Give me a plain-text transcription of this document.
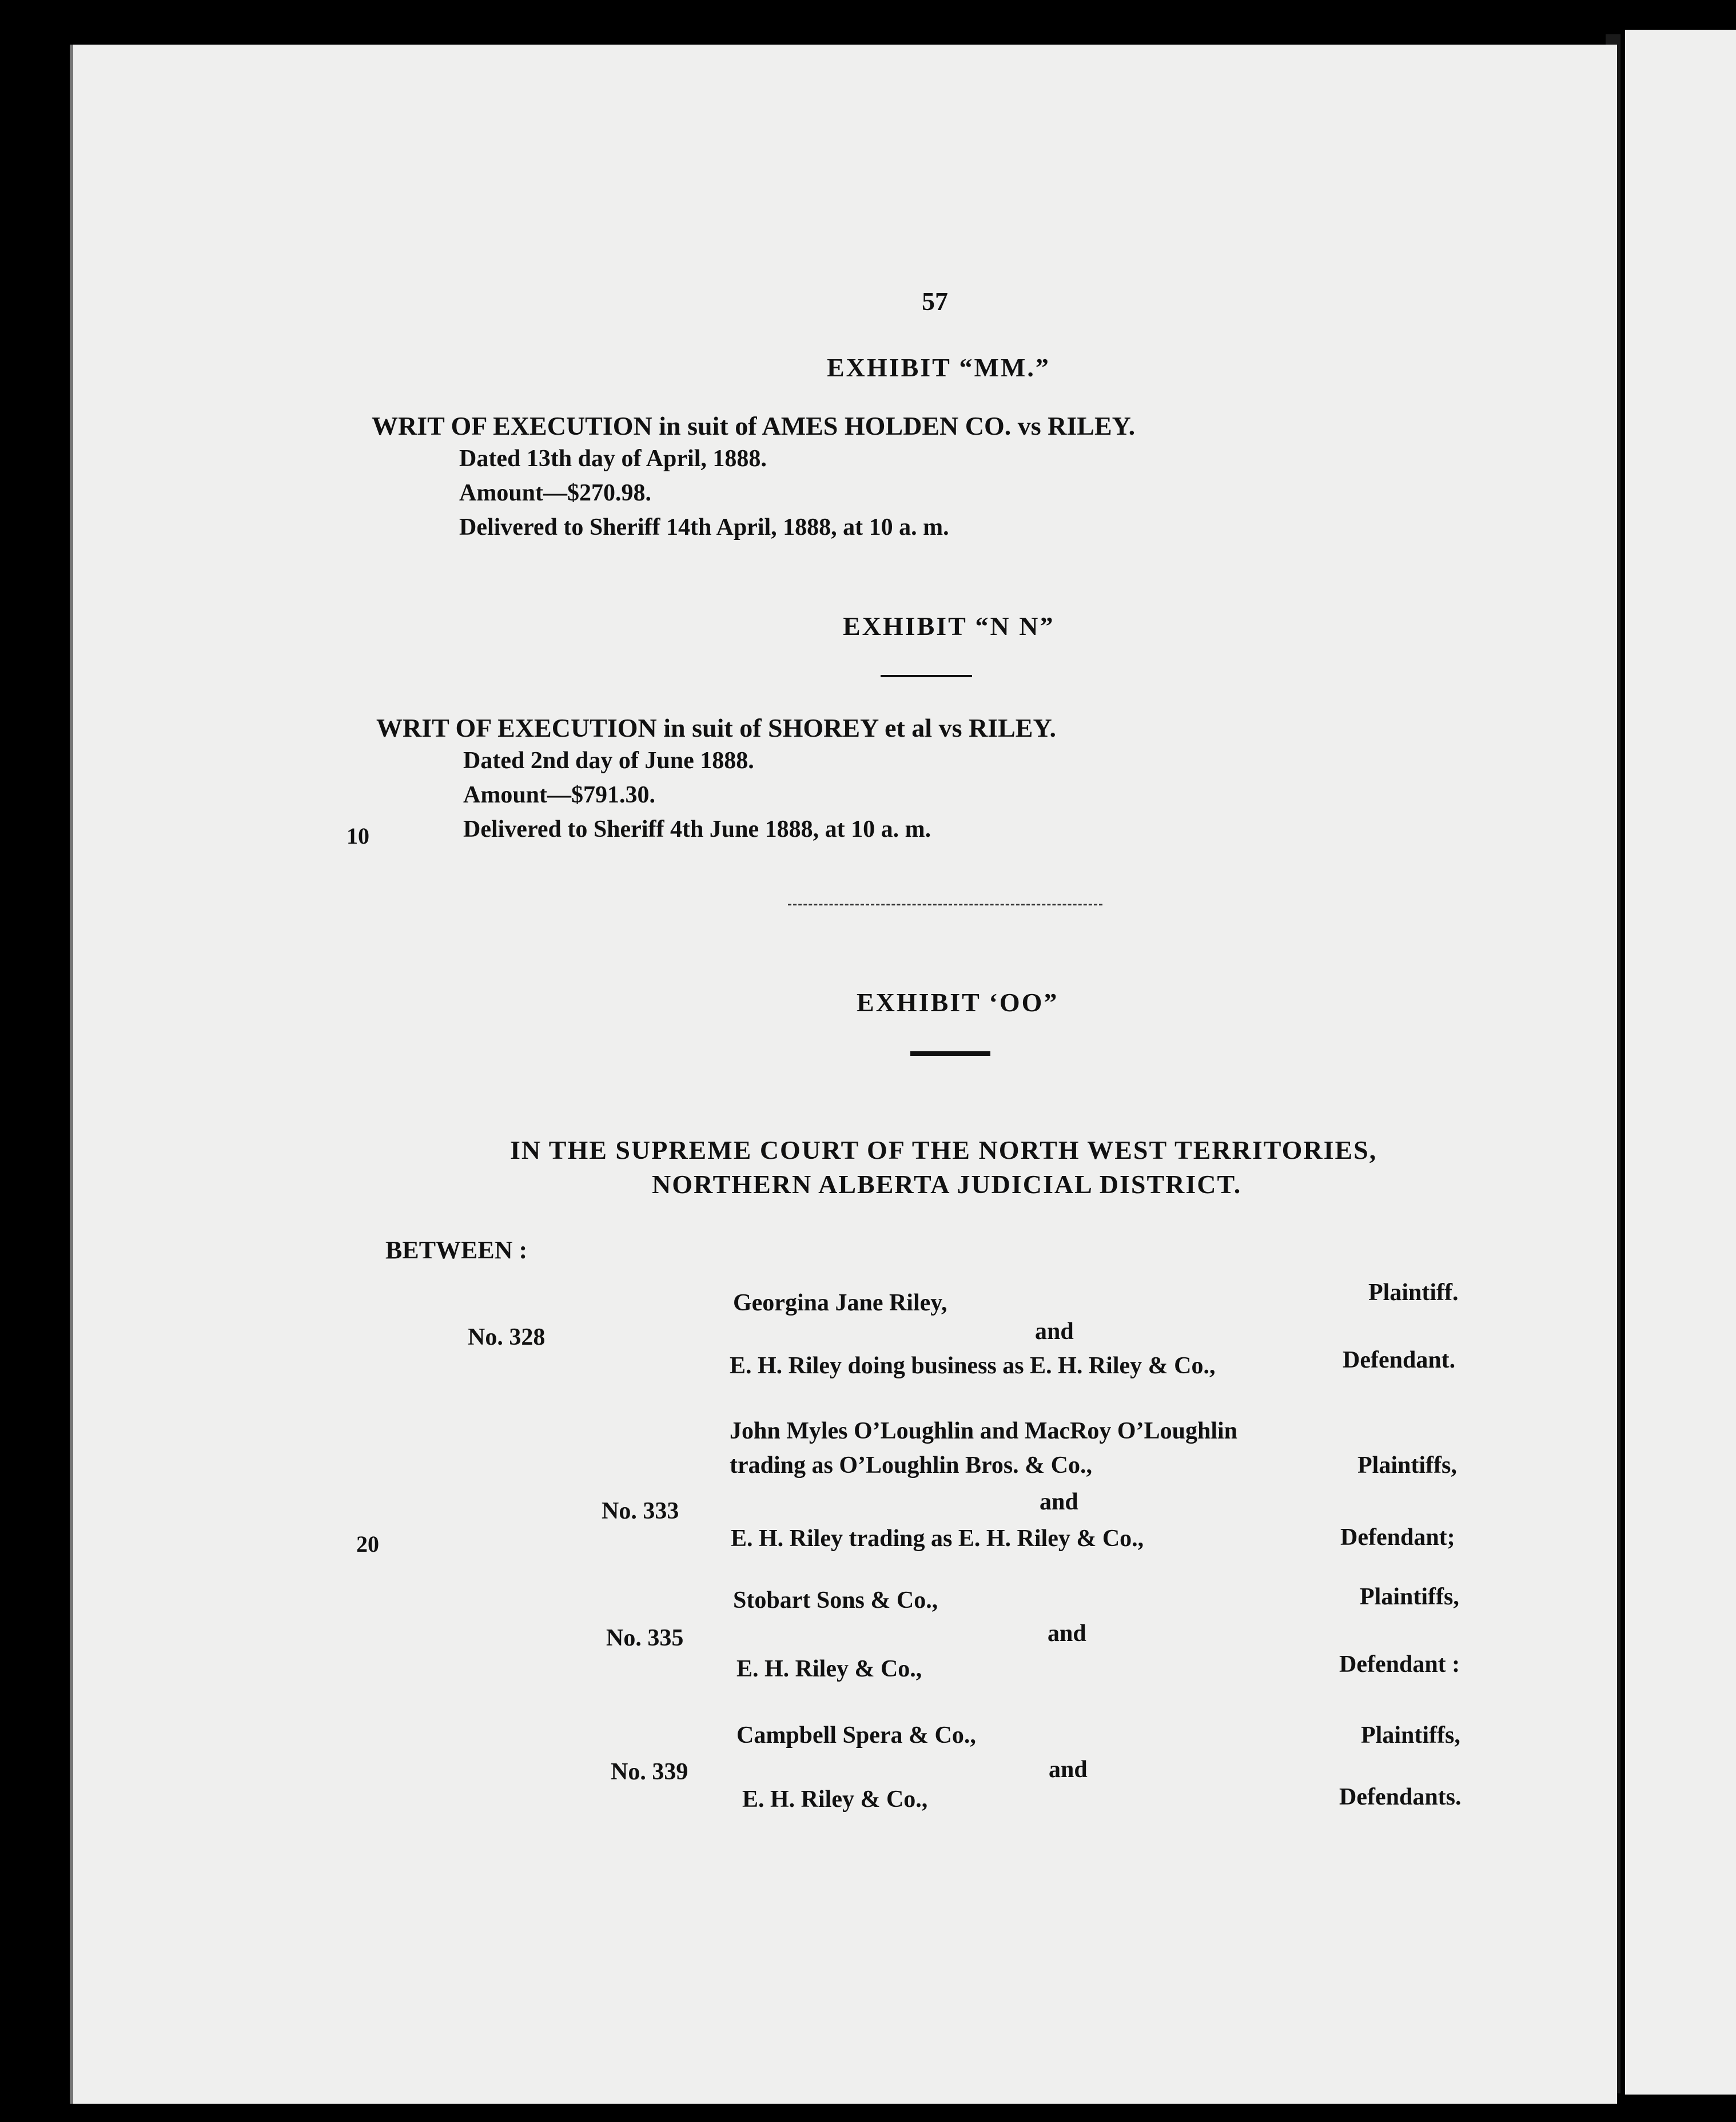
57
EXHIBIT “MM.”
WRIT OF EXECUTION in suit of AMES HOLDEN CO. vs RILEY.
Dated 13th day of April, 1888.
Amount—$270.98.
Delivered to Sheriff 14th April, 1888, at 10 a. m.
EXHIBIT “N N”
WRIT OF EXECUTION in suit of SHOREY et al vs RILEY.
Dated 2nd day of June 1888.
Amount—$791.30.
10	Delivered to Sheriff 4th June 1888, at 10 a. m.
EXHIBIT ‘OO”
IN THE SUPREME COURT OF THE NORTH WEST TERRITORIES,
NORTHERN ALBERTA JUDICIAL DISTRICT.
BETWEEN :
Georgina Jane Riley,	Plaintiff.
No. 328	and
E. H. Riley doing business as E. H. Riley & Co.,	Defendant.
John Myles O’Loughlin and MacRoy O’Loughlin
trading as O’Loughlin Bros. & Co.,	Plaintiffs,
and
No. 333
20	E. H. Riley trading as E. H. Riley & Co.,	Defendant;
Stobart Sons & Co.,	Plaintiffs,
and
No. 335
E. H. Riley & Co.,	Defendant :
Campbell Spera & Co.,	Plaintiffs,
and
No. 339
E. H. Riley & Co.,	Defendants.
